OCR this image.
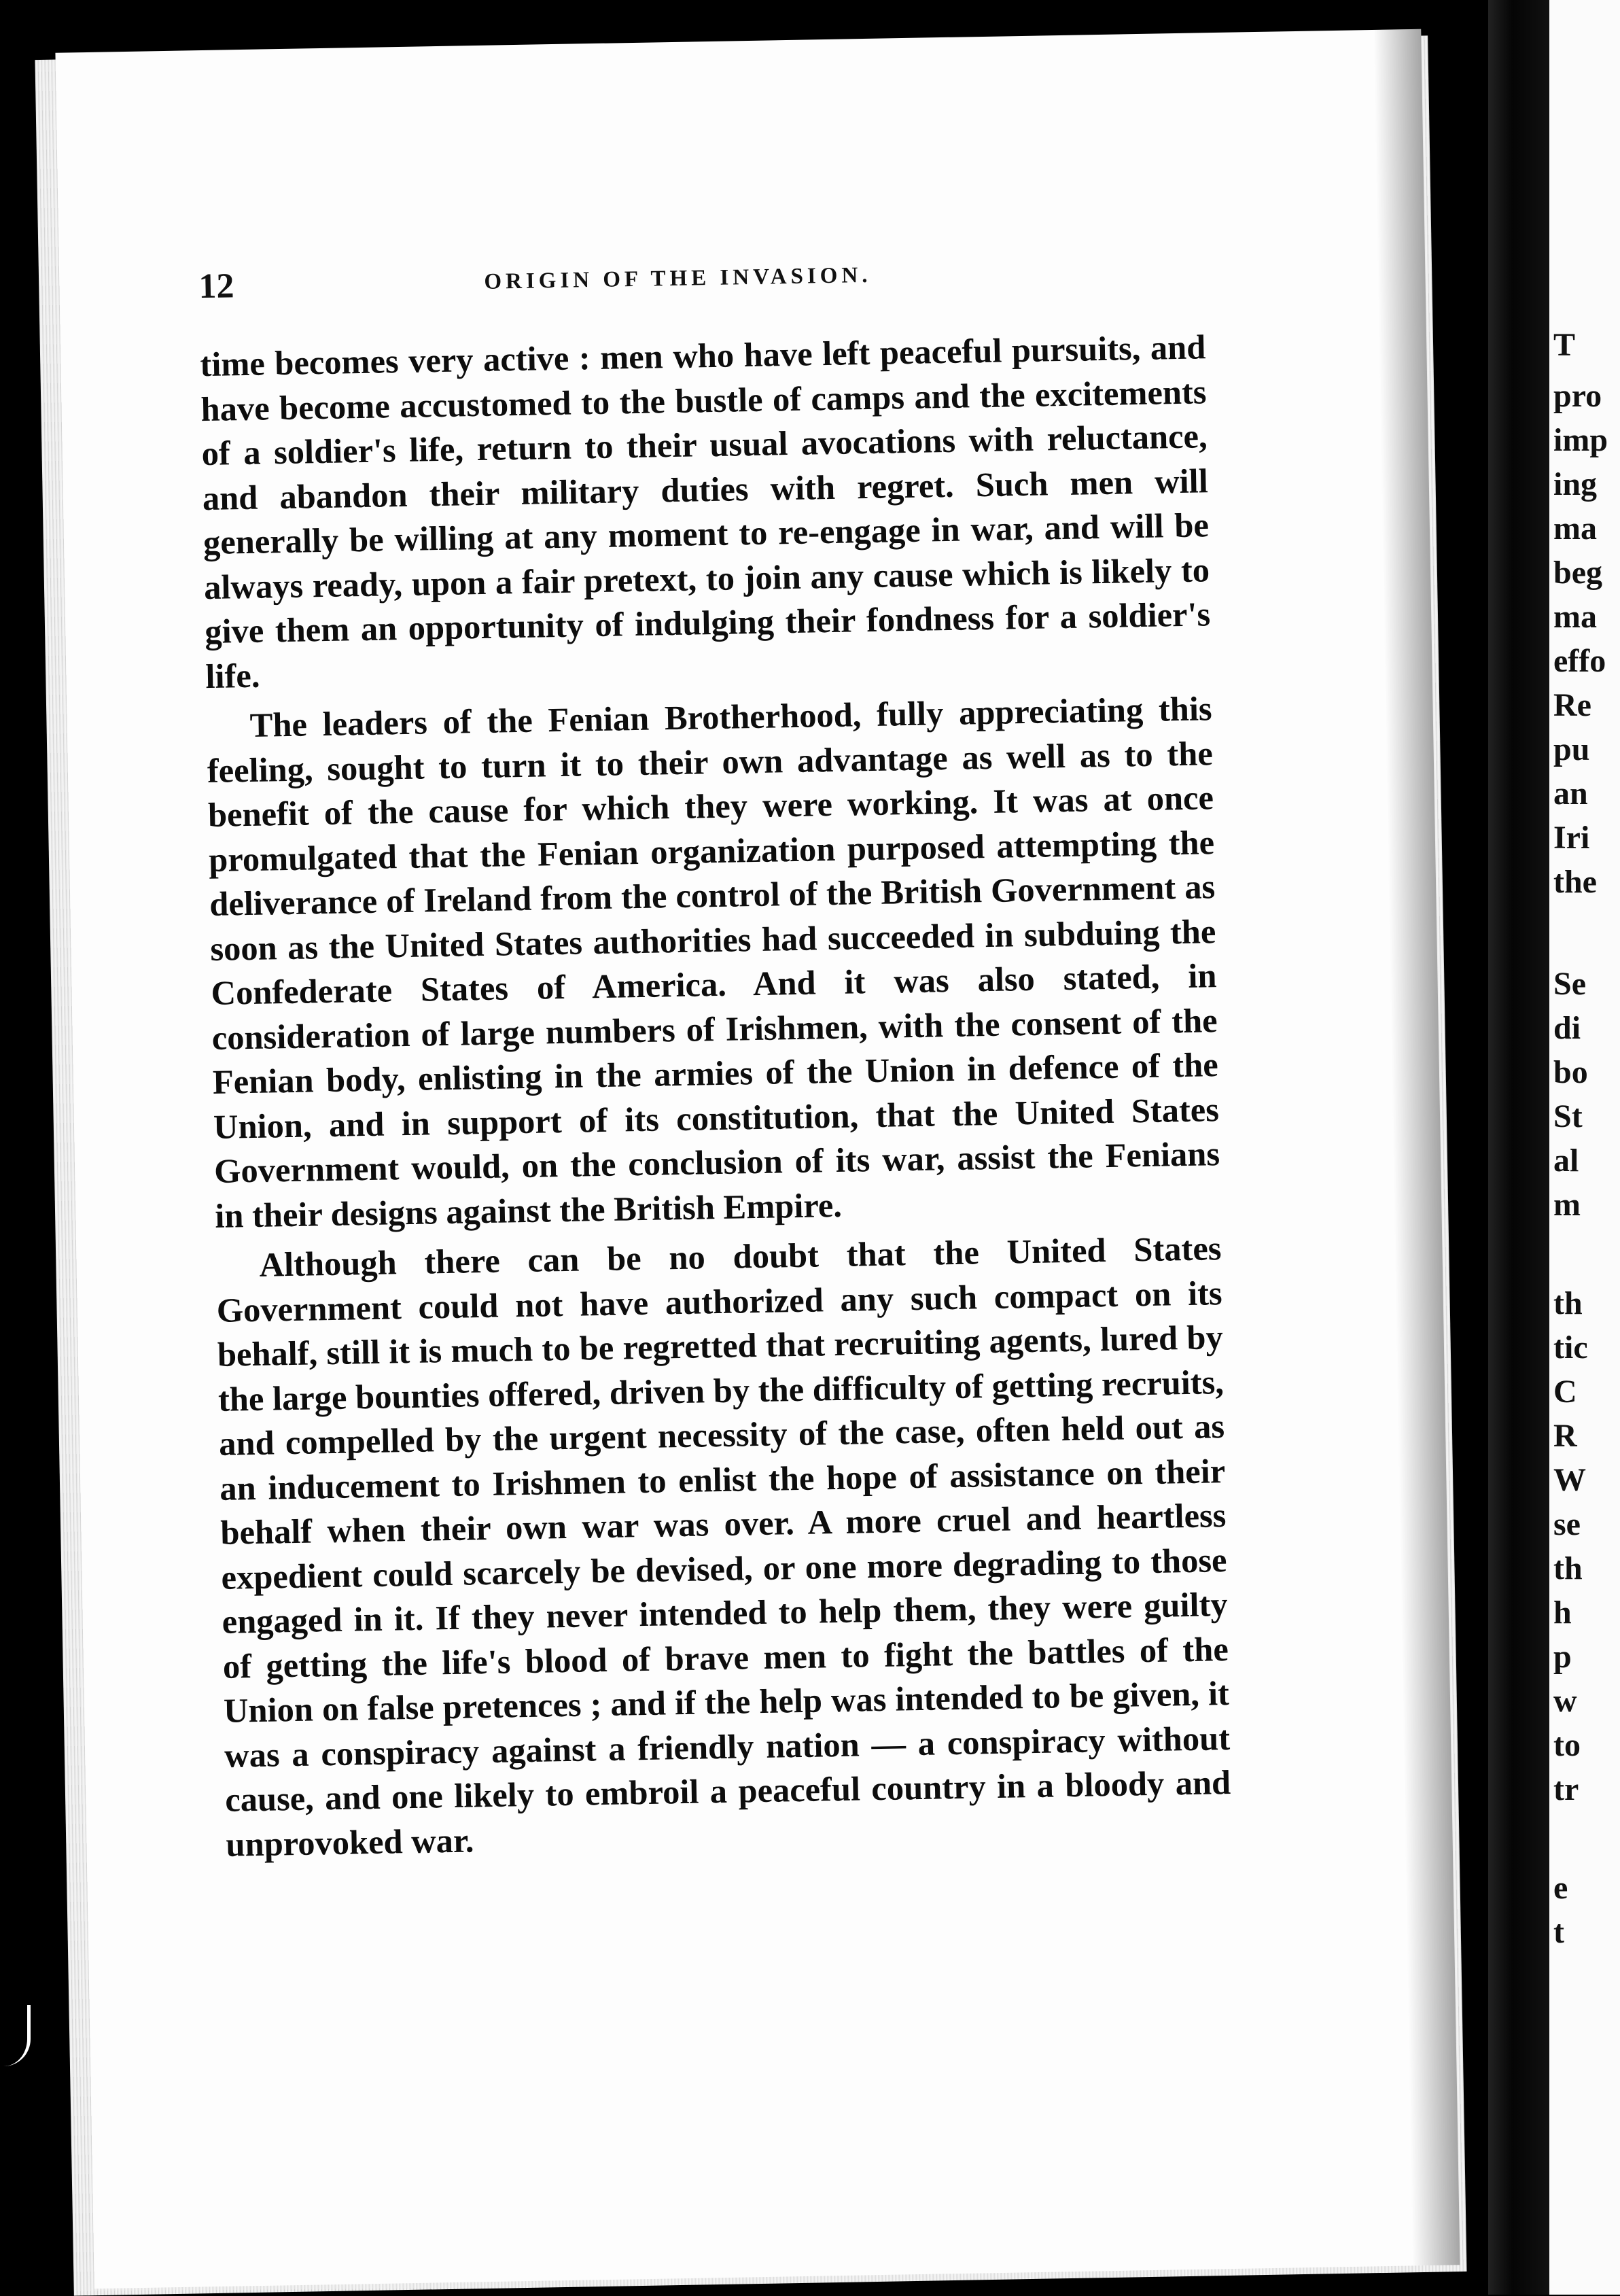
12	ORIGIN OF THE INVASION.

time becomes very active : men who have left peaceful pursuits, and have become accustomed to the bustle of camps and the excitements of a soldier's life, return to their usual avocations with reluctance, and abandon their military duties with regret. Such men will generally be willing at any moment to re-engage in war, and will be always ready, upon a fair pretext, to join any cause which is likely to give them an opportunity of indulging their fondness for a soldier's life.

The leaders of the Fenian Brotherhood, fully appreciating this feeling, sought to turn it to their own advantage as well as to the benefit of the cause for which they were working. It was at once promulgated that the Fenian organization purposed attempting the deliverance of Ireland from the control of the British Government as soon as the United States authorities had succeeded in subduing the Confederate States of America. And it was also stated, in consideration of large numbers of Irishmen, with the consent of the Fenian body, enlisting in the armies of the Union in defence of the Union, and in support of its constitution, that the United States Government would, on the conclusion of its war, assist the Fenians in their designs against the British Empire.

Although there can be no doubt that the United States Government could not have authorized any such compact on its behalf, still it is much to be regretted that recruiting agents, lured by the large bounties offered, driven by the difficulty of getting recruits, and compelled by the urgent necessity of the case, often held out as an inducement to Irishmen to enlist the hope of assistance on their behalf when their own war was over. A more cruel and heartless expedient could scarcely be devised, or one more degrading to those engaged in it. If they never intended to help them, they were guilty of getting the life's blood of brave men to fight the battles of the Union on false pretences ; and if the help was intended to be given, it was a conspiracy against a friendly nation — a conspiracy without cause, and one likely to embroil a peaceful country in a bloody and unprovoked war.

T
pro
imp
ing
ma
beg
ma
effo
Re
pu
an
Iri
the
Se
di
bo
St
al
m
th
tic
C
R
W
se
th
h
p
w
to
tr
e
t
